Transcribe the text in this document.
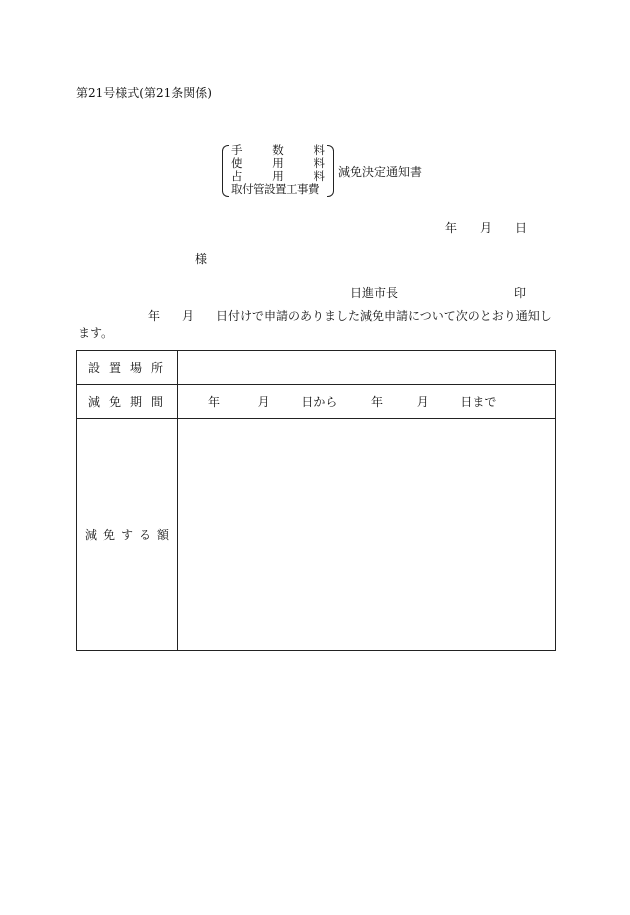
第21号様式(第21条関係)
手	数	料
使	用	料
占	用	料
取付管設置工事費
減免決定通知書
年 月 日
様
日進市長	印
年 月 日付けで申請のありました減免申請について次のとおり通知し
ます。
設置場所	
減免期間	年 月 日から 年 月 日まで
減免する額	
